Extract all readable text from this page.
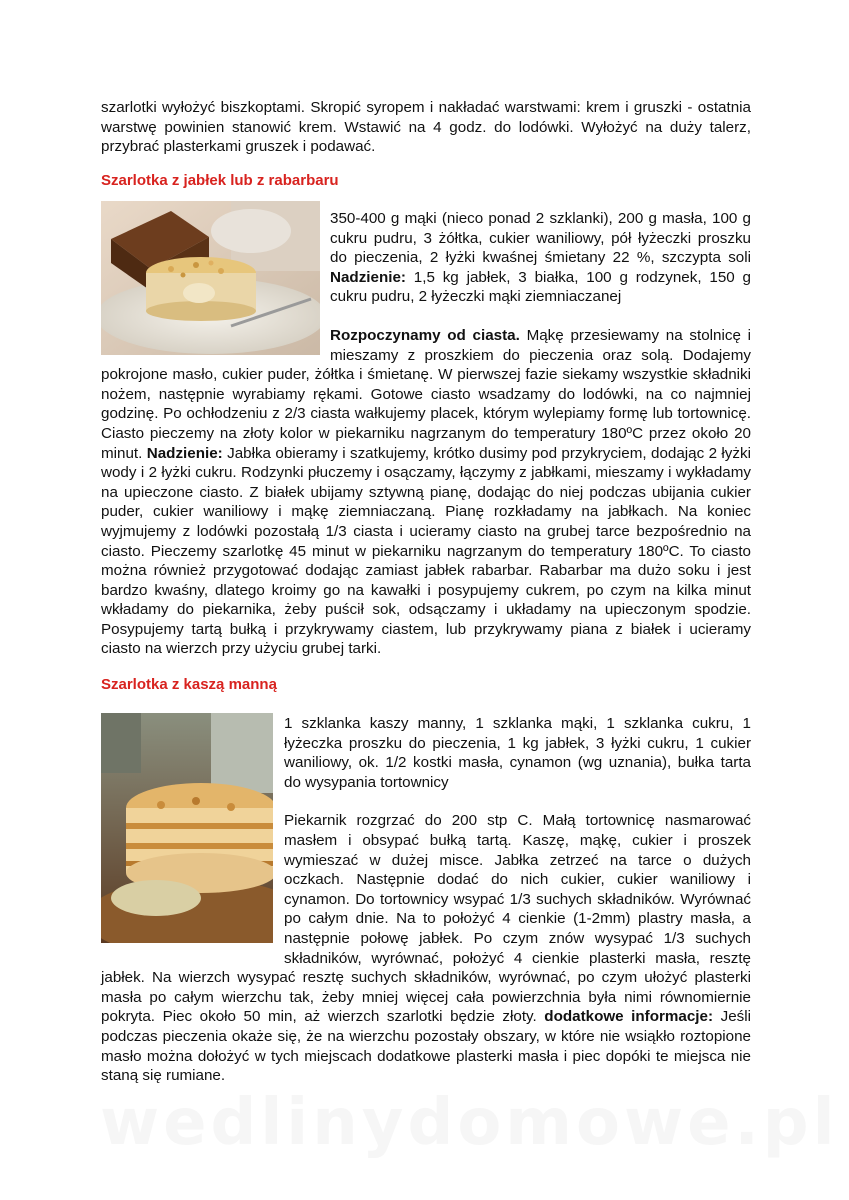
szarlotki wyłożyć biszkoptami. Skropić syropem i nakładać warstwami: krem i gruszki - ostatnia warstwę powinien stanowić krem. Wstawić na 4 godz. do lodówki. Wyłożyć na duży talerz, przybrać plasterkami gruszek i podawać.

Szarlotka z jabłek lub z rabarbaru

350-400 g mąki (nieco ponad 2 szklanki), 200 g masła, 100 g cukru pudru, 3 żółtka, cukier waniliowy, pół łyżeczki proszku do pieczenia, 2 łyżki kwaśnej śmietany 22 %, szczypta soli Nadzienie: 1,5 kg jabłek, 3 białka, 100 g rodzynek, 150 g cukru pudru, 2 łyżeczki mąki ziemniaczanej

Rozpoczynamy od ciasta. Mąkę przesiewamy na stolnicę i mieszamy z proszkiem do pieczenia oraz solą. Dodajemy pokrojone masło, cukier puder, żółtka i śmietanę. W pierwszej fazie siekamy wszystkie składniki nożem, następnie wyrabiamy rękami. Gotowe ciasto wsadzamy do lodówki, na co najmniej godzinę. Po ochłodzeniu z 2/3 ciasta wałkujemy placek, którym wylepiamy formę lub tortownicę. Ciasto pieczemy na złoty kolor w piekarniku nagrzanym do temperatury 180ºC przez około 20 minut. Nadzienie: Jabłka obieramy i szatkujemy, krótko dusimy pod przykryciem, dodając 2 łyżki wody i 2 łyżki cukru. Rodzynki płuczemy i osączamy, łączymy z jabłkami, mieszamy i wykładamy na upieczone ciasto. Z białek ubijamy sztywną pianę, dodając do niej podczas ubijania cukier puder, cukier waniliowy i mąkę ziemniaczaną. Pianę rozkładamy na jabłkach. Na koniec wyjmujemy z lodówki pozostałą 1/3 ciasta i ucieramy ciasto na grubej tarce bezpośrednio na ciasto. Pieczemy szarlotkę 45 minut w piekarniku nagrzanym do temperatury 180ºC. To ciasto można również przygotować dodając zamiast jabłek rabarbar. Rabarbar ma dużo soku i jest bardzo kwaśny, dlatego kroimy go na kawałki i posypujemy cukrem, po czym na kilka minut wkładamy do piekarnika, żeby puścił sok, odsączamy i układamy na upieczonym spodzie. Posypujemy tartą bułką i przykrywamy ciastem, lub przykrywamy piana z białek i ucieramy ciasto na wierzch przy użyciu grubej tarki.

Szarlotka z kaszą manną

1 szklanka kaszy manny, 1 szklanka mąki, 1 szklanka cukru, 1 łyżeczka proszku do pieczenia, 1 kg jabłek, 3 łyżki cukru, 1 cukier waniliowy, ok. 1/2 kostki masła, cynamon (wg uznania), bułka tarta do wysypania tortownicy

Piekarnik rozgrzać do 200 stp C. Małą tortownicę nasmarować masłem i obsypać bułką tartą. Kaszę, mąkę, cukier i proszek wymieszać w dużej misce. Jabłka zetrzeć na tarce o dużych oczkach. Następnie dodać do nich cukier, cukier waniliowy i cynamon. Do tortownicy wsypać 1/3 suchych składników. Wyrównać po całym dnie. Na to położyć 4 cienkie (1-2mm) plastry masła, a następnie połowę jabłek. Po czym znów wysypać 1/3 suchych składników, wyrównać, położyć 4 cienkie plasterki masła, resztę jabłek. Na wierzch wysypać resztę suchych składników, wyrównać, po czym ułożyć plasterki masła po całym wierzchu tak, żeby mniej więcej cała powierzchnia była nimi równomiernie pokryta. Piec około 50 min, aż wierzch szarlotki będzie złoty. dodatkowe informacje: Jeśli podczas pieczenia okaże się, że na wierzchu pozostały obszary, w które nie wsiąkło roztopione masło można dołożyć w tych miejscach dodatkowe plasterki masła i piec dopóki te miejsca nie staną się rumiane.

wedlinydomowe.pl
